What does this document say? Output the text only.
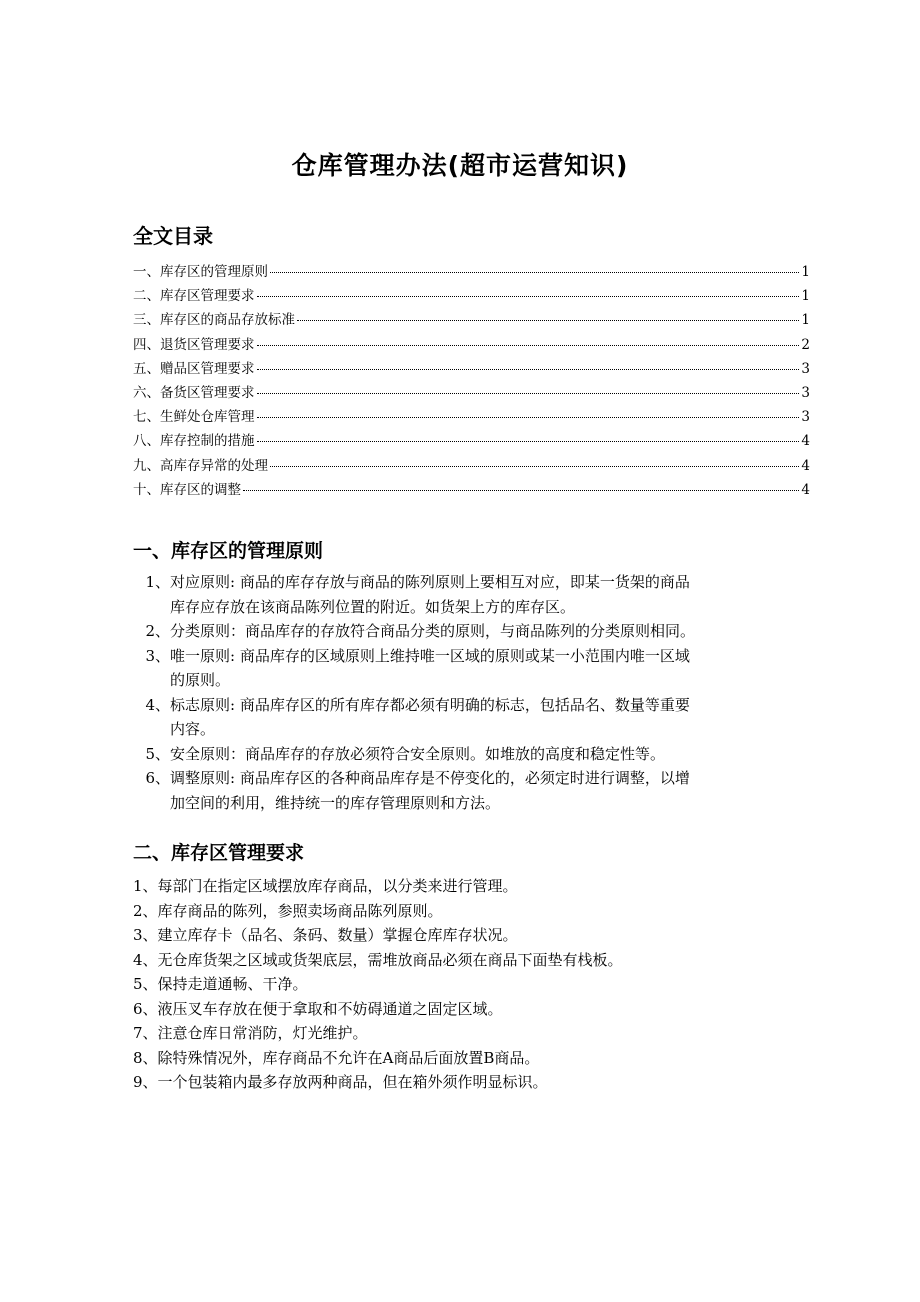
仓库管理办法(超市运营知识)
全文目录
一、库存区的管理原则	1
二、库存区管理要求	1
三、库存区的商品存放标准	1
四、退货区管理要求	2
五、赠品区管理要求	3
六、备货区管理要求	3
七、生鲜处仓库管理	3
八、库存控制的措施	4
九、高库存异常的处理	4
十、库存区的调整	4
一、库存区的管理原则
1、 对应原则: 商品的库存存放与商品的陈列原则上要相互对应，即某一货架的商品
库存应存放在该商品陈列位置的附近。如货架上方的库存区。
2、 分类原则：商品库存的存放符合商品分类的原则，与商品陈列的分类原则相同。
3、 唯一原则: 商品库存的区域原则上维持唯一区域的原则或某一小范围内唯一区域
的原则。
4、 标志原则: 商品库存区的所有库存都必须有明确的标志，包括品名、数量等重要
内容。
5、 安全原则：商品库存的存放必须符合安全原则。如堆放的高度和稳定性等。
6、 调整原则: 商品库存区的各种商品库存是不停变化的，必须定时进行调整，以增
加空间的利用，维持统一的库存管理原则和方法。
二、库存区管理要求
1、每部门在指定区域摆放库存商品，以分类来进行管理。
2、库存商品的陈列，参照卖场商品陈列原则。
3、建立库存卡（品名、条码、数量）掌握仓库库存状况。
4、无仓库货架之区域或货架底层，需堆放商品必须在商品下面垫有栈板。
5、保持走道通畅、干净。
6、液压叉车存放在便于拿取和不妨碍通道之固定区域。
7、注意仓库日常消防，灯光维护。
8、除特殊情况外，库存商品不允许在A商品后面放置B商品。
9、一个包装箱内最多存放两种商品，但在箱外须作明显标识。
